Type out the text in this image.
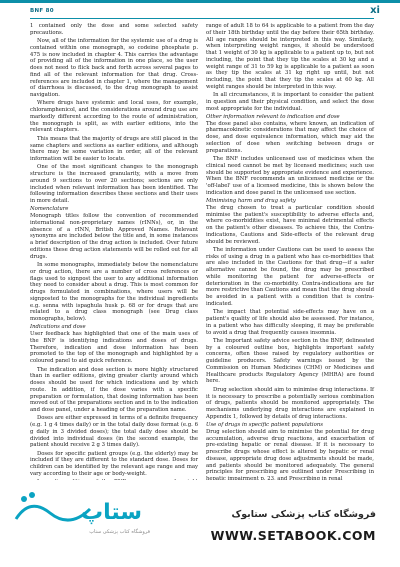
BNF 80	xi

1 contained only the dose and some selected safety precautions.

Now, all of the information for the systemic use of a drug is contained within one monograph, so codeine phosphate p. 475 is now included in chapter 4. This carries the advantage of providing all of the information in one place, so the user does not need to flick back and forth across several pages to find all of the relevant information for that drug. Cross-references are included in chapter 1, where the management of diarrhoea is discussed, to the drug monograph to assist navigation.

Where drugs have systemic and local uses, for example, chloramphenicol, and the considerations around drug use are markedly different according to the route of administration, the monograph is split, as with earlier editions, into the relevant chapters.

This means that the majority of drugs are still placed in the same chapters and sections as earlier editions, and although there may be some variation in order, all of the relevant information will be easier to locate.

One of the most significant changes to the monograph structure is the increased granularity, with a move from around 9 sections to over 20 sections; sections are only included when relevant information has been identified. The following information describes these sections and their uses in more detail.

Nomenclature

Monograph titles follow the convention of recommended international non-proprietary names (rINNs), or, in the absence of a rINN, British Approved Names. Relevant synonyms are included below the title and, in some instances a brief description of the drug action is included. Over future editions these drug action statements will be rolled out for all drugs.

In some monographs, immediately below the nomenclature or drug action, there are a number of cross references or flags used to signpost the user to any additional information they need to consider about a drug. This is most common for drugs formulated in combinations, where users will be signposted to the monographs for the individual ingredients e.g. senna with ispaghula husk p. 68 or for drugs that are related to a drug class monograph (see Drug class monographs, below).

Indications and dose

User feedback has highlighted that one of the main uses of the BNF is identifying indications and doses of drugs. Therefore, indication and dose information has been promoted to the top of the monograph and highlighted by a coloured panel to aid quick reference.

The indication and dose section is more highly structured than in earlier editions, giving greater clarity around which doses should be used for which indications and by which route. In addition, if the dose varies with a specific preparation or formulation, that dosing information has been moved out of the preparations section and in to the indication and dose panel, under a heading of the preparation name.

Doses are either expressed in terms of a definite frequency (e.g. 1 g 4 times daily) or in the total daily dose format (e.g. 6 g daily in 3 divided doses); the total daily dose should be divided into individual doses (in the second example, the patient should receive 2 g 3 times daily).

Doses for specific patient groups (e.g. the elderly) may be included if they are different to the standard dose. Doses for children can be identified by the relevant age range and may vary according to their age or body-weight.

range of adult 18 to 64 is applicable to a patient from the day of their 18th birthday until the day before their 65th birthday. All age ranges should be interpreted in this way. Similarly, when interpreting weight ranges, it should be understood that 1 weight of 30 kg is applicable to a patient up to, but not including, the point that they tip the scales at 30 kg and a weight range of 31 to 59 kg is applicable to a patient as soon as they tip the scales at 31 kg right up until, but not including, the point that they tip the scales at 60 kg. All weight ranges should be interpreted in this way.

In all circumstances, it is important to consider the patient in question and their physical condition, and select the dose most appropriate for the individual.

Other information relevant to indication and dose

The dose panel also contains, where known, an indication of pharmacokinetic considerations that may affect the choice of dose, and dose equivalence information, which may aid the selection of dose when switching between drugs or preparations.

The BNF includes unlicensed use of medicines when the clinical need cannot be met by licensed medicines; such use should be supported by appropriate evidence and experience. When the BNF recommends an unlicensed medicine or the 'off-label' use of a licensed medicine, this is shown below the indication and dose panel in the unlicensed use section.

Minimising harm and drug safety

The drug chosen to treat a particular condition should minimise the patient's susceptibility to adverse effects and, where co-morbidities exist, have minimal detrimental effects on the patient's other diseases. To achieve this, the Contra-indications, Cautions and Side-effects of the relevant drug should be reviewed.

The information under Cautions can be used to assess the risks of using a drug in a patient who has co-morbidities that are also included in the Cautions for that drug—if a safer alternative cannot be found, the drug may be prescribed while monitoring the patient for adverse-effects or deterioration in the co-morbidity. Contra-indications are far more restrictive than Cautions and mean that the drug should be avoided in a patient with a condition that is contra-indicated.

The impact that potential side-effects may have on a patient's quality of life should also be assessed. For instance, in a patient who has difficulty sleeping, it may be preferable to avoid a drug that frequently causes insomnia.

The Important safety advice section in the BNF, delineated by a coloured outline box, highlights important safety concerns, often those raised by regulatory authorities or guideline producers. Safety warnings issued by the Commission on Human Medicines (CHM) or Medicines and Healthcare products Regulatory Agency (MHRA) are found here.

Drug selection should aim to minimise drug interactions. If it is necessary to prescribe a potentially serious combination of drugs, patients should be monitored appropriately. The mechanisms underlying drug interactions are explained in Appendix 1, followed by details of drug interactions.

Use of drugs in specific patient populations

Drug selection should aim to minimise the potential for drug accumulation, adverse drug reactions, and exacerbation of pre-existing hepatic or renal disease. If it is necessary to prescribe drugs whose effect is altered by hepatic or renal disease, appropriate drug dose adjustments should be made, and patients should be monitored adequately. The general principles for prescribing are outlined under Prescribing in

ستاپ
فروشگاه کتاب پزشکی ستاپ
فروشگاه کتاب پزشکی ستابوک
WWW.SETABOOK.COM
